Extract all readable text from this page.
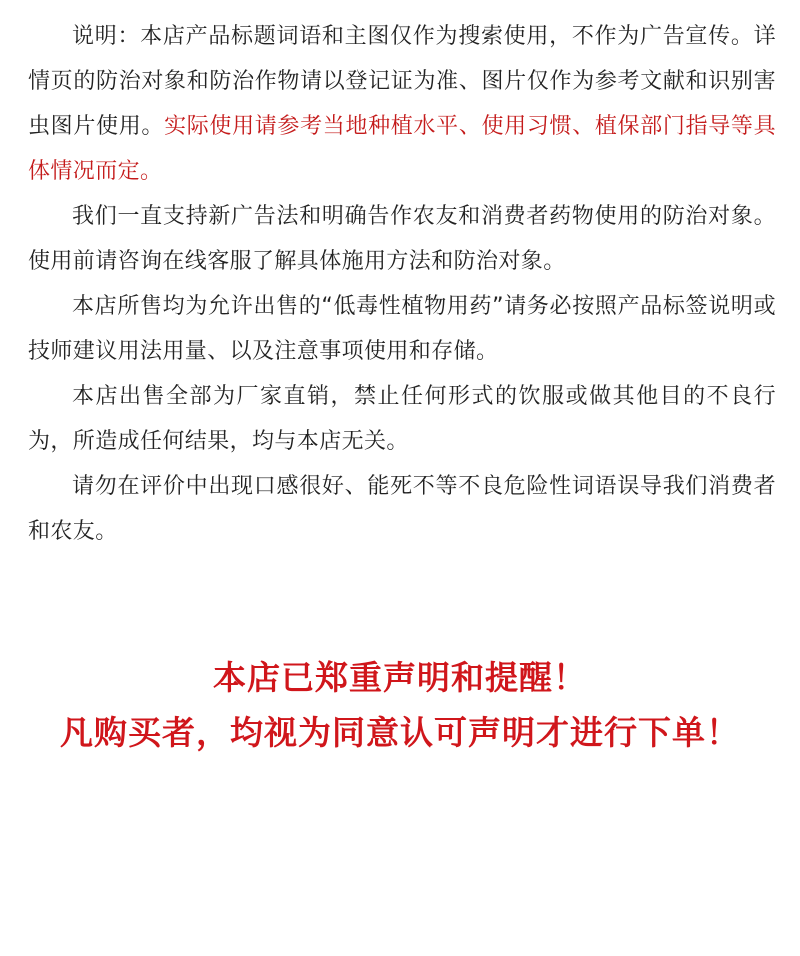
说明：本店产品标题词语和主图仅作为搜索使用，不作为广告宣传。详情页的防治对象和防治作物请以登记证为准、图片仅作为参考文献和识别害虫图片使用。实际使用请参考当地种植水平、使用习惯、植保部门指导等具体情况而定。

我们一直支持新广告法和明确告作农友和消费者药物使用的防治对象。使用前请咨询在线客服了解具体施用方法和防治对象。

本店所售均为允许出售的“低毒性植物用药”请务必按照产品标签说明或技师建议用法用量、以及注意事项使用和存储。

本店出售全部为厂家直销，禁止任何形式的饮服或做其他目的不良行为，所造成任何结果，均与本店无关。

请勿在评价中出现口感很好、能死不等不良危险性词语误导我们消费者和农友。

本店已郑重声明和提醒！

凡购买者，均视为同意认可声明才进行下单！
